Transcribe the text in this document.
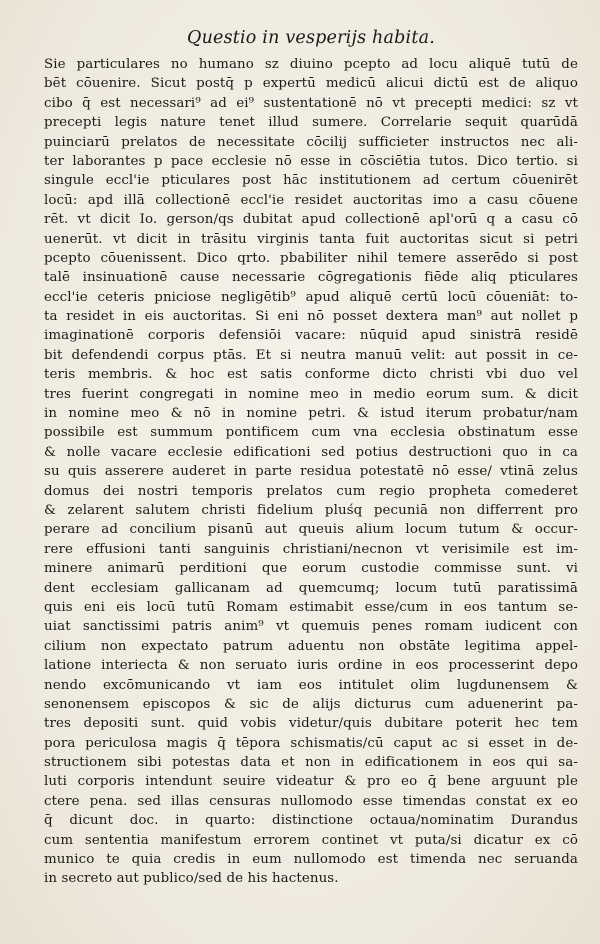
Questio in vesperijs habita.
Sie particulares no humano sz diuino pcepto ad locu aliquē tutū de
bēt cōuenire. Sicut postq̄ p expertū medicū alicui dictū est de aliquo
cibo q̄ est necessari⁹ ad ei⁹ sustentationē nō vt precepti medici: sz vt
precepti legis nature tenet illud sumere. Correlarie sequit quarūdā
puinciarū prelatos de necessitate cōcilij sufficieter instructos nec ali-
ter laborantes p pace ecclesie nō esse in cōsciētia tutos. Dico tertio. si
singule eccl'ie pticulares post hāc institutionem ad certum cōuenirēt
locū: apd illā collectionē eccl'ie residet auctoritas imo a casu cōuene
rēt. vt dicit Io. gerson/qs dubitat apud collectionē apl'orū q a casu cō
uenerūt. vt dicit in trāsitu virginis tanta fuit auctoritas sicut si petri
pcepto cōuenissent. Dico qrto. pbabiliter nihil temere asserēdo si post
talē insinuationē cause necessarie cōgregationis fiēde aliq pticulares
eccl'ie ceteris pniciose negligētib⁹ apud aliquē certū locū cōueniāt: to-
ta residet in eis auctoritas. Si eni nō posset dextera man⁹ aut nollet p
imaginationē corporis defensiōi vacare: nūquid apud sinistrā residē
bit defendendi corpus ptās. Et si neutra manuū velit: aut possit in ce-
teris membris. & hoc est satis conforme dicto christi vbi duo vel
tres fuerint congregati in nomine meo in medio eorum sum. & dicit
in nomine meo & nō in nomine petri. & istud iterum probatur/nam
possibile est summum pontificem cum vna ecclesia obstinatum esse
& nolle vacare ecclesie edificationi sed potius destructioni quo in ca
su quis asserere auderet in parte residua potestatē nō esse/ vtinā zelus
domus dei nostri temporis prelatos cum regio propheta comederet
& zelarent salutem christi fidelium pluśq pecuniā non differrent pro
perare ad concilium pisanū aut queuis alium locum tutum & occur-
rere effusioni tanti sanguinis christiani/necnon vt verisimile est im-
minere animarū perditioni que eorum custodie commisse sunt. vi
dent ecclesiam gallicanam ad quemcumq; locum tutū paratissimā
quis eni eis locū tutū Romam estimabit esse/cum in eos tantum se-
uiat sanctissimi patris anim⁹ vt quemuis penes romam iudicent con
cilium non expectato patrum aduentu non obstāte legitima appel-
latione interiecta & non seruato iuris ordine in eos processerint depo
nendo excōmunicando vt iam eos intitulet olim lugdunensem &
senonensem episcopos & sic de alijs dicturus cum aduenerint pa-
tres depositi sunt. quid vobis videtur/quis dubitare poterit hec tem
pora periculosa magis q̄ tēpora schismatis/cū caput ac si esset in de-
structionem sibi potestas data et non in edificationem in eos qui sa-
luti corporis intendunt seuire videatur & pro eo q̄ bene arguunt ple
ctere pena. sed illas censuras nullomodo esse timendas constat ex eo
q̄ dicunt doc. in quarto: distinctione octaua/nominatim Durandus
cum sententia manifestum errorem continet vt puta/si dicatur ex cō
munico te quia credis in eum nullomodo est timenda nec seruanda
in secreto aut publico/sed de his hactenus.
